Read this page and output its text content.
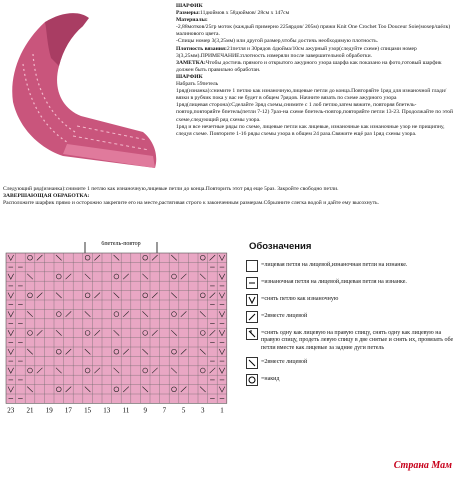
ШАРФИК

Размеры:11дюймов х 58дюймов/ 28см х 147см

Материалы:

-2,88мотков/25гр моток (каждый примерно 225ярдов/ 205м) пряжи Knit One Crochet Too Douceur Soie(мохер/шёлк) малинового цвета.

-Спицы номер 3(3,25мм) или другой размер,чтобы достичь необходимую плотность.

Плотность вязания:21петля и 30рядов 4дюйма/10см ажурный узор(следуйте схеме) спицами номер 3(3,25мм).ПРИМЕЧАНИЕ:плотность измеряли после завершительной обработки.

ЗАМЕТКА:Чтобы достичь прямого и открытого ажурного узора шарфа как показано на фото,готовый шарфик должен быть правильно обработан.

ШАРФИК

Набрать 59петель

1ряд(изнанка):снимите 1 петлю как изнаночную,лицевые петли до конца.Повторяйте 1ряд для изнаночной глади/вязки в рубчик пока у вас не будет в общем 7рядов. Начните вязать по схеме ажурного узора

1ряд(лицевая сторона):Сделайте 3ряд схемы,снимите с 1 лоб петлю,затем вяжите, повторяя бпетель-повтор,повторяйте бпетель(петли 7-12) 7раз-на схеме бпетель-повтор,повторяйте петли 13-23. Продолжайте по этой схеме,следующий ряд схемы узора.

1ряд и все нечетные ряды по схеме, лицевые петли как лицевые, изнаночные как изнаночные узор не прищипну, следуя схеме. Повторите 1-16 ряды схемы узора в общем 24 раза.Свяжите ещё раз 1ряд схемы узора.

Следующий ряд(изнанка):снимите 1 петлю как изнаночную,лицевые петли до конца.Повторить этот ряд еще 5раз. Закройте свободно петли.

ЗАВЕРШАЮЩАЯ ОБРАБОТКА:

Расположите шарфик прямо и осторожно закрепите его на месте,растягивая строго к законченным размерам.Сбрызните слегка водой и дайте ему высохнуть.

6петель-повтор
23 21 19 17 15 13 11 9 7 5 3 1
Обозначения
=лицевая петля на лицевой,изнаночная петли на изнанке.
=изнаночная петля на лицевой,лицевая петля на изнанке.
=снять петлю как изнаночную
=2вместе лицевой
=снять одну как лицевую на правую спицу, снять одну как лицевую на правую спицу, продеть левую спицу в две снятые и снять их, провязать обе петли вместе как лицевые за задние дуги петель
=2вместе лицевой
=накид
Страна Мам
